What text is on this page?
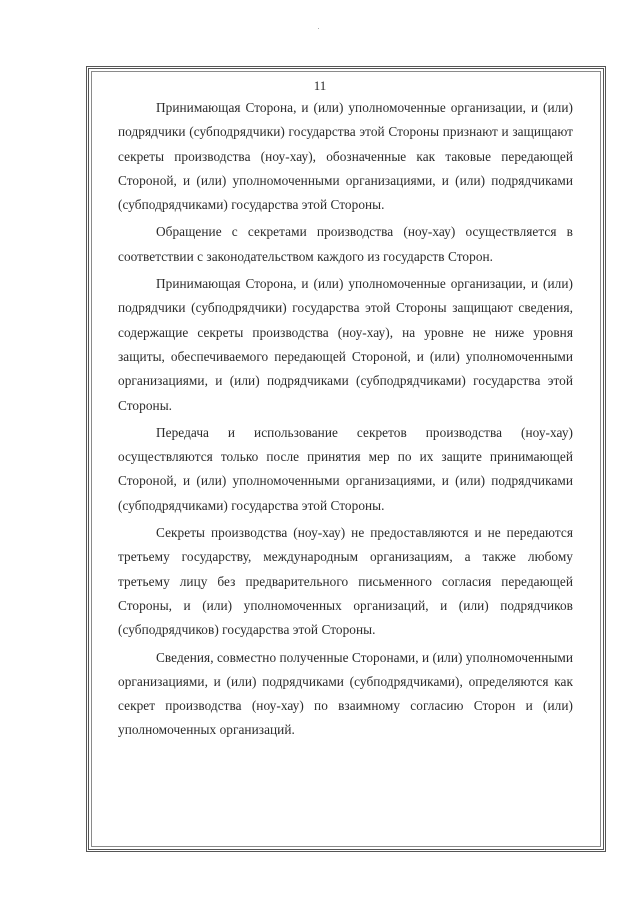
11

Принимающая Сторона, и (или) уполномоченные организации, и (или) подрядчики (субподрядчики) государства этой Стороны признают и защищают секреты производства (ноу-хау), обозначенные как таковые передающей Стороной, и (или) уполномоченными организациями, и (или) подрядчиками (субподрядчиками) государства этой Стороны.

Обращение с секретами производства (ноу-хау) осуществляется в соответствии с законодательством каждого из государств Сторон.

Принимающая Сторона, и (или) уполномоченные организации, и (или) подрядчики (субподрядчики) государства этой Стороны защищают сведения, содержащие секреты производства (ноу-хау), на уровне не ниже уровня защиты, обеспечиваемого передающей Стороной, и (или) уполномоченными организациями, и (или) подрядчиками (субподрядчиками) государства этой Стороны.

Передача и использование секретов производства (ноу-хау) осуществляются только после принятия мер по их защите принимающей Стороной, и (или) уполномоченными организациями, и (или) подрядчиками (субподрядчиками) государства этой Стороны.

Секреты производства (ноу-хау) не предоставляются и не передаются третьему государству, международным организациям, а также любому третьему лицу без предварительного письменного согласия передающей Стороны, и (или) уполномоченных организаций, и (или) подрядчиков (субподрядчиков) государства этой Стороны.

Сведения, совместно полученные Сторонами, и (или) уполномоченными организациями, и (или) подрядчиками (субподрядчиками), определяются как секрет производства (ноу-хау) по взаимному согласию Сторон и (или) уполномоченных организаций.
